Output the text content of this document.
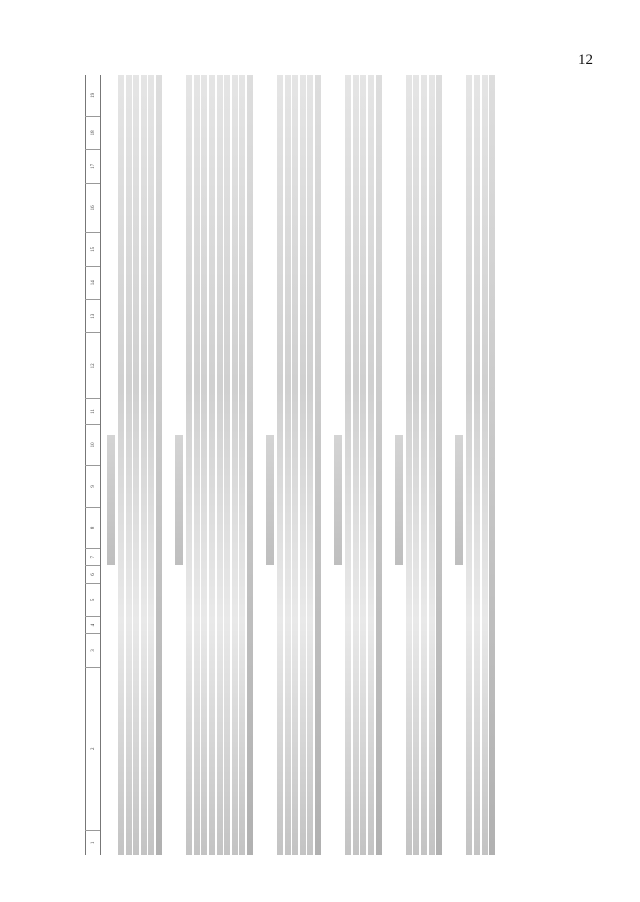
12
1	2	3	4	5	6	7	8	9	10	11	12	13	14	15	16	17	18	19
